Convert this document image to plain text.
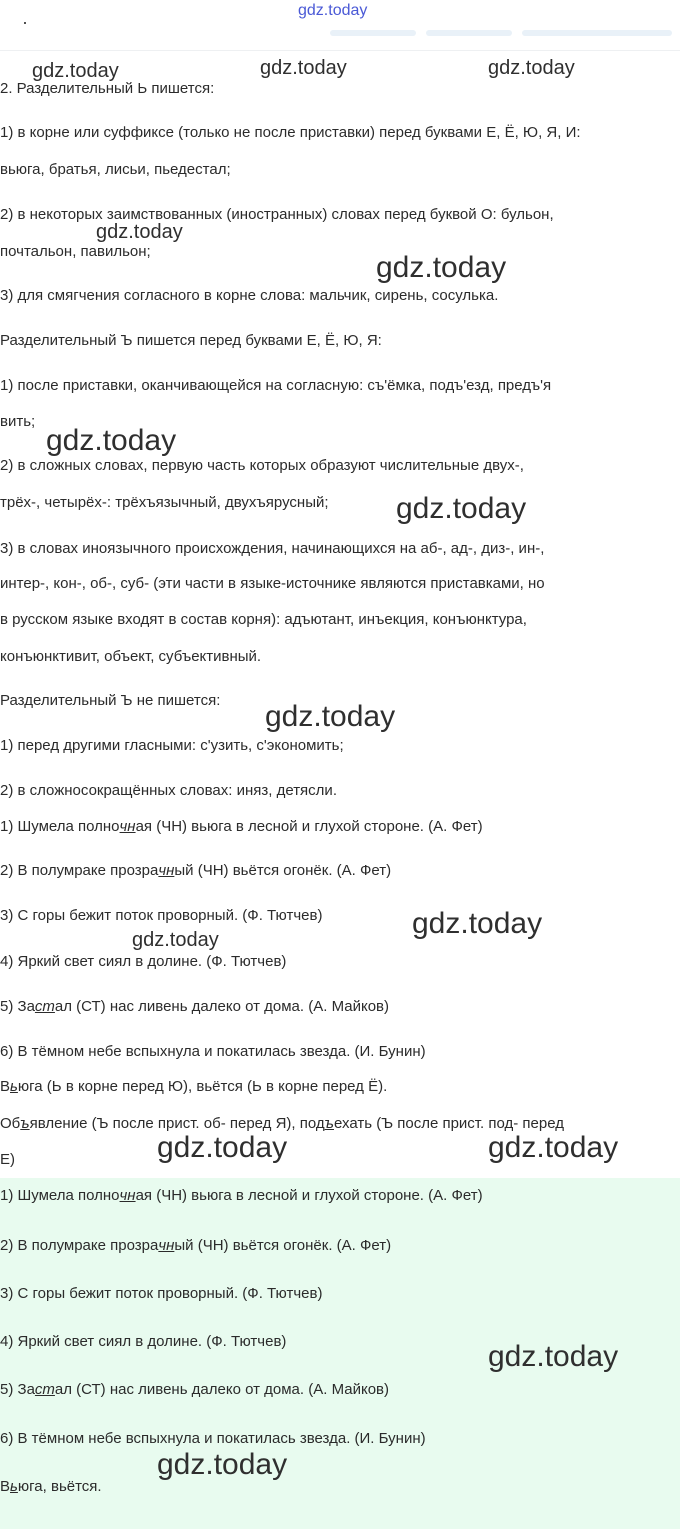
·
gdz.today
2. Разделительный Ь пишется:
1) в корне или суффиксе (только не после приставки) перед буквами Е, Ё, Ю, Я, И:
вьюга, братья, лисьи, пьедестал;
2) в некоторых заимствованных (иностранных) словах перед буквой О: бульон,
почтальон, павильон;
3) для смягчения согласного в корне слова: мальчик, сирень, сосулька.
Разделительный Ъ пишется перед буквами Е, Ё, Ю, Я:
1) после приставки, оканчивающейся на согласную: съ'ёмка, подъ'езд, предъ'я
вить;
2) в сложных словах, первую часть которых образуют числительные двух-,
трёх-, четырёх-: трёхъязычный, двухъярусный;
3) в словах иноязычного происхождения, начинающихся на аб-, ад-, диз-, ин-,
интер-, кон-, об-, суб- (эти части в языке-источнике являются приставками, но
в русском языке входят в состав корня): адъютант, инъекция, конъюнктура,
конъюнктивит, объект, субъективный.
Разделительный Ъ не пишется:
1) перед другими гласными: с'узить, с'экономить;
2) в сложносокращённых словах: иняз, детясли.
1) Шумела полночная (ЧН) вьюга в лесной и глухой стороне. (А. Фет)
2) В полумраке прозрачный (ЧН) вьётся огонёк. (А. Фет)
3) С горы бежит поток проворный. (Ф. Тютчев)
4) Яркий свет сиял в долине. (Ф. Тютчев)
5) Застал (СТ) нас ливень далеко от дома. (А. Майков)
6) В тёмном небе вспыхнула и покатилась звезда. (И. Бунин)
Вьюга (Ь в корне перед Ю), вьётся (Ь в корне перед Ё).
Объявление (Ъ после прист. об- перед Я), подъехать (Ъ после прист. под- перед
Е)
1) Шумела полночная (ЧН) вьюга в лесной и глухой стороне. (А. Фет)
2) В полумраке прозрачный (ЧН) вьётся огонёк. (А. Фет)
3) С горы бежит поток проворный. (Ф. Тютчев)
4) Яркий свет сиял в долине. (Ф. Тютчев)
5) Застал (СТ) нас ливень далеко от дома. (А. Майков)
6) В тёмном небе вспыхнула и покатилась звезда. (И. Бунин)
Вьюга, вьётся.
gdz.today	gdz.today	gdz.today
gdz.today
gdz.today
gdz.today
gdz.today
gdz.today
gdz.today
gdz.today
gdz.today	gdz.today
gdz.today
gdz.today
